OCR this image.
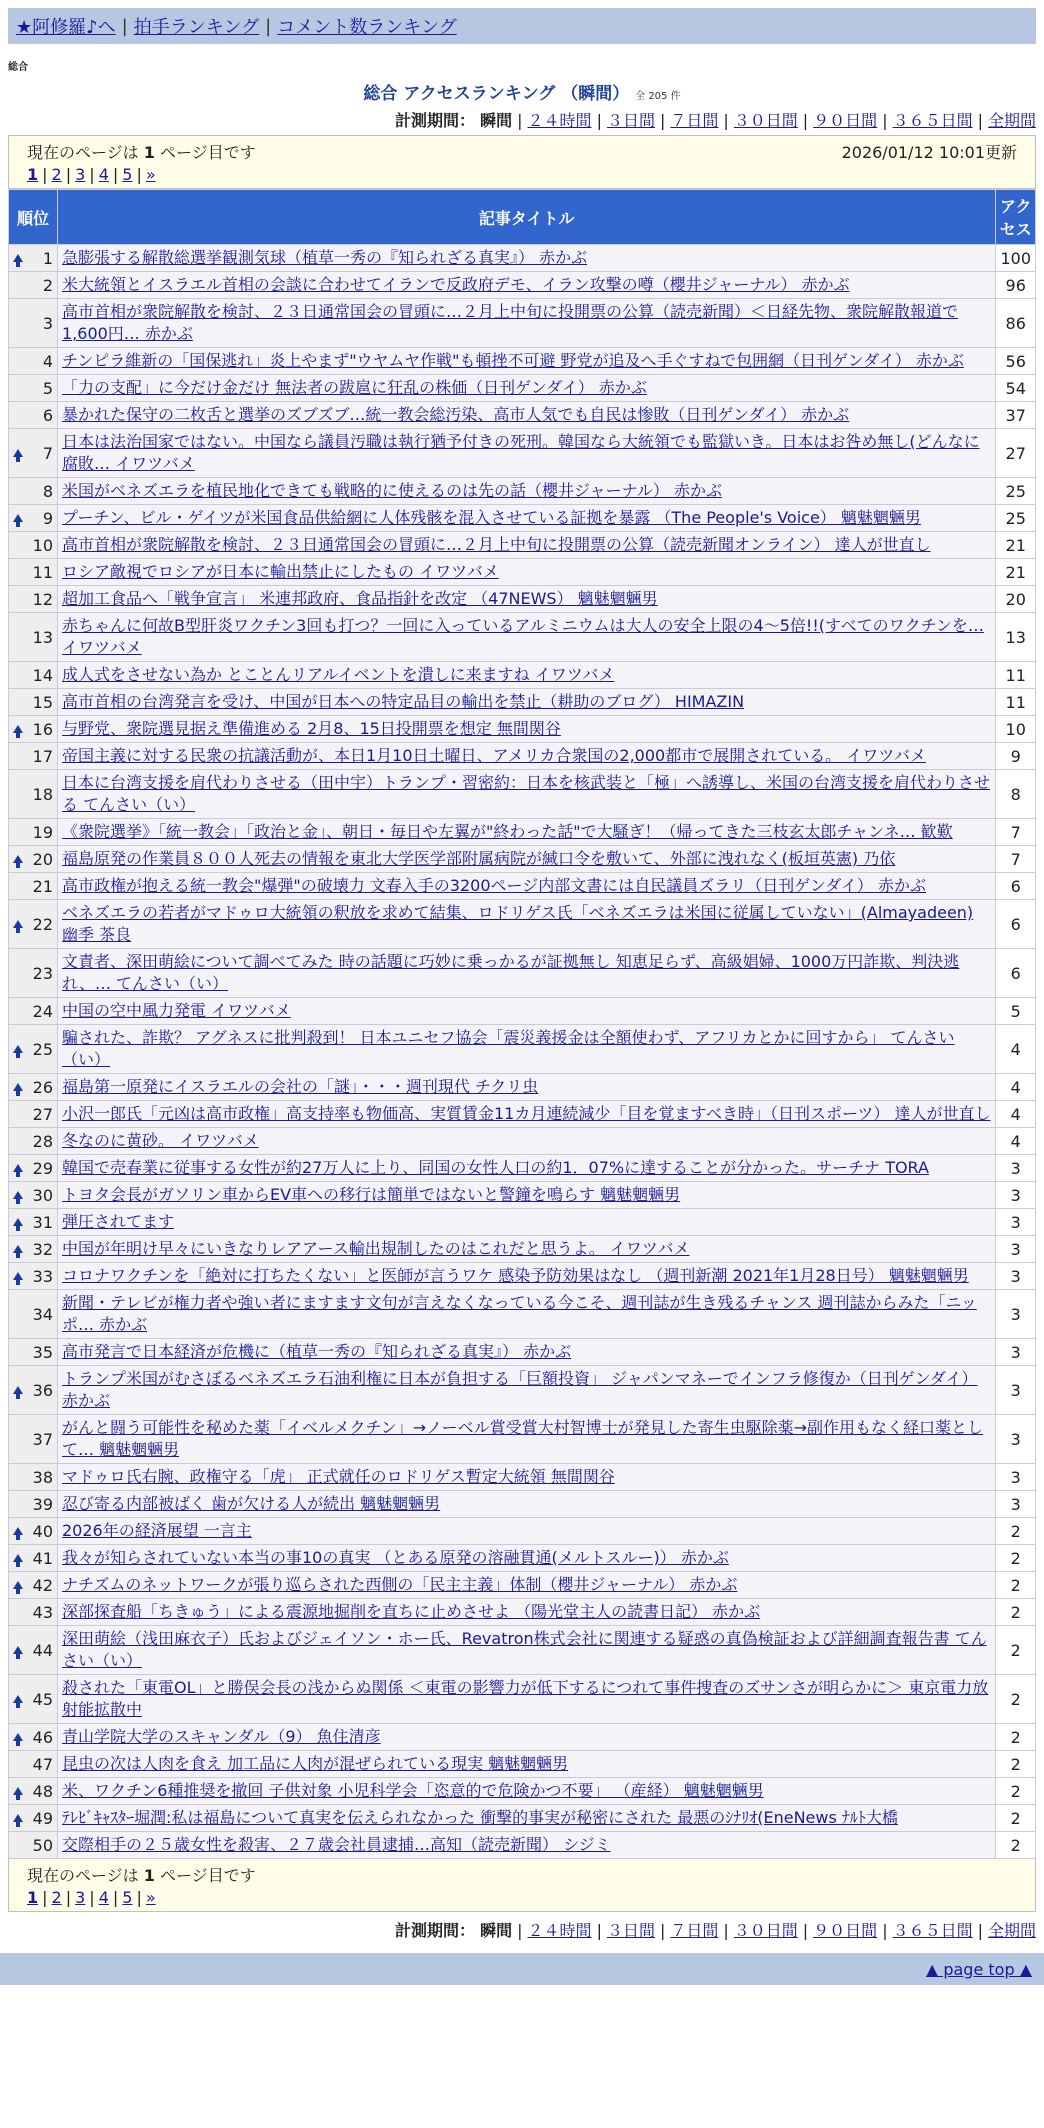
★阿修羅♪へ | 拍手ランキング | コメント数ランキング
総合
総合 アクセスランキング （瞬間） 全 205 件
計測期間： 瞬間 | ２４時間 | ３日間 | ７日間 | ３０日間 | ９０日間 | ３６５日間 | 全期間
現在のページは 1 ページ目です	2026/01/12 10:01更新
1 | 2 | 3 | 4 | 5 | »
順位	記事タイトル	アクセス

1	急膨張する解散総選挙観測気球（植草一秀の『知られざる真実』） 赤かぶ	100
2	米大統領とイスラエル首相の会談に合わせてイランで反政府デモ、イラン攻撃の噂（櫻井ジャーナル） 赤かぶ	96
3	高市首相が衆院解散を検討、２３日通常国会の冒頭に…２月上中旬に投開票の公算（読売新聞）＜日経先物、衆院解散報道で1,600円… 赤かぶ	86
4	チンピラ維新の「国保逃れ」炎上やまず"ウヤムヤ作戦"も頓挫不可避 野党が追及へ手ぐすねで包囲網（日刊ゲンダイ） 赤かぶ	56
5	「力の支配」に今だけ金だけ 無法者の跋扈に狂乱の株価（日刊ゲンダイ） 赤かぶ	54
6	暴かれた保守の二枚舌と選挙のズブズブ…統一教会総汚染、高市人気でも自民は惨敗（日刊ゲンダイ） 赤かぶ	37

7	日本は法治国家ではない。中国なら議員汚職は執行猶予付きの死刑。韓国なら大統領でも監獄いき。日本はお咎め無し(どんなに腐敗… イワツバメ	27
8	米国がベネズエラを植民地化できても戦略的に使えるのは先の話（櫻井ジャーナル） 赤かぶ	25

9	プーチン、ビル・ゲイツが米国食品供給網に人体残骸を混入させている証拠を暴露 （The People's Voice） 魑魅魍魎男	25
10	高市首相が衆院解散を検討、２３日通常国会の冒頭に…２月上中旬に投開票の公算（読売新聞オンライン） 達人が世直し	21
11	ロシア敵視でロシアが日本に輸出禁止にしたもの イワツバメ	21
12	超加工食品へ「戦争宣言」 米連邦政府、食品指針を改定 （47NEWS） 魑魅魍魎男	20
13	赤ちゃんに何故B型肝炎ワクチン3回も打つ？一回に入っているアルミニウムは大人の安全上限の4～5倍!!(すべてのワクチンを… イワツバメ	13
14	成人式をさせない為か とことんリアルイベントを潰しに来ますね イワツバメ	11
15	高市首相の台湾発言を受け、中国が日本への特定品目の輸出を禁止（耕助のブログ） HIMAZIN	11

16	与野党、衆院選見据え準備進める 2月8、15日投開票を想定 無間関谷	10
17	帝国主義に対する民衆の抗議活動が、本日1月10日土曜日、アメリカ合衆国の2,000都市で展開されている。 イワツバメ	9
18	日本に台湾支援を肩代わりさせる（田中宇）トランプ・習密約：日本を核武装と「極」へ誘導し、米国の台湾支援を肩代わりさせる てんさい（い）	8
19	《衆院選挙》「統一教会」「政治と金」、朝日・毎日や左翼が"終わった話"で大騒ぎ！（帰ってきた三枝玄太郎チャンネ… 歓歎	7

20	福島原発の作業員８００人死去の情報を東北大学医学部附属病院が緘口令を敷いて、外部に洩れなく(板垣英憲) 乃依	7
21	高市政権が抱える統一教会"爆弾"の破壊力 文春入手の3200ページ内部文書には自民議員ズラリ（日刊ゲンダイ） 赤かぶ	6

22	ベネズエラの若者がマドゥロ大統領の釈放を求めて結集、ロドリゲス氏「ベネズエラは米国に従属していない」(Almayadeen) 幽季 茶良	6
23	文責者、深田萌絵について調べてみた 時の話題に巧妙に乗っかるが証拠無し 知恵足らず、高級娼婦、1000万円詐欺、判決逃れ、… てんさい（い）	6
24	中国の空中風力発電 イワツバメ	5

25	騙された、詐欺？ アグネスに批判殺到！ 日本ユニセフ協会「震災義援金は全額使わず、アフリカとかに回すから」 てんさい（い）	4

26	福島第一原発にイスラエルの会社の「謎」・・・週刊現代 チクリ虫	4
27	小沢一郎氏「元凶は高市政権」高支持率も物価高、実質賃金11カ月連続減少「目を覚ますべき時」（日刊スポーツ） 達人が世直し	4
28	冬なのに黄砂。 イワツバメ	4

29	韓国で売春業に従事する女性が約27万人に上り、同国の女性人口の約1．07%に達することが分かった。サーチナ TORA	3

30	トヨタ会長がガソリン車からEV車への移行は簡単ではないと警鐘を鳴らす 魑魅魍魎男	3

31	弾圧されてます	3

32	中国が年明け早々にいきなりレアアース輸出規制したのはこれだと思うよ。 イワツバメ	3

33	コロナワクチンを「絶対に打ちたくない」と医師が言うワケ 感染予防効果はなし （週刊新潮 2021年1月28日号） 魑魅魍魎男	3
34	新聞・テレビが権力者や強い者にますます文句が言えなくなっている今こそ、週刊誌が生き残るチャンス 週刊誌からみた「ニッポ… 赤かぶ	3
35	高市発言で日本経済が危機に（植草一秀の『知られざる真実』） 赤かぶ	3

36	トランプ米国がむさぼるベネズエラ石油利権に日本が負担する「巨額投資」 ジャパンマネーでインフラ修復か（日刊ゲンダイ） 赤かぶ	3
37	がんと闘う可能性を秘めた薬「イベルメクチン」→ノーベル賞受賞大村智博士が発見した寄生虫駆除薬→副作用もなく経口薬として… 魑魅魍魎男	3
38	マドゥロ氏右腕、政権守る「虎」 正式就任のロドリゲス暫定大統領 無間関谷	3
39	忍び寄る内部被ばく 歯が欠ける人が続出 魑魅魍魎男	3

40	2026年の経済展望 一言主	2

41	我々が知らされていない本当の事10の真実 （とある原発の溶融貫通(メルトスルー)） 赤かぶ	2

42	ナチズムのネットワークが張り巡らされた西側の「民主主義」体制（櫻井ジャーナル） 赤かぶ	2
43	深部探査船「ちきゅう」による震源地掘削を直ちに止めさせよ （陽光堂主人の読書日記） 赤かぶ	2

44	深田萌絵（浅田麻衣子）氏およびジェイソン・ホー氏、Revatron株式会社に関連する疑惑の真偽検証および詳細調査報告書 てんさい（い）	2

45	殺された「東電OL」と勝俣会長の浅からぬ関係 ＜東電の影響力が低下するにつれて事件捜査のズサンさが明らかに＞ 東京電力放射能拡散中	2

46	青山学院大学のスキャンダル（9） 魚住清彦	2
47	昆虫の次は人肉を食え 加工品に人肉が混ぜられている現実 魑魅魍魎男	2

48	米、ワクチン6種推奨を撤回 子供対象 小児科学会「恣意的で危険かつ不要」 （産経） 魑魅魍魎男	2

49	ﾃﾚﾋﾞｷｬｽﾀｰ堀潤:私は福島について真実を伝えられなかった 衝撃的事実が秘密にされた 最悪のｼﾅﾘｵ(EneNews ﾅﾙﾄ大橋	2
50	交際相手の２５歳女性を殺害、２７歳会社員逮捕…高知（読売新聞） シジミ	2
現在のページは 1 ページ目です
1 | 2 | 3 | 4 | 5 | »
計測期間： 瞬間 | ２４時間 | ３日間 | ７日間 | ３０日間 | ９０日間 | ３６５日間 | 全期間
▲ page top ▲
